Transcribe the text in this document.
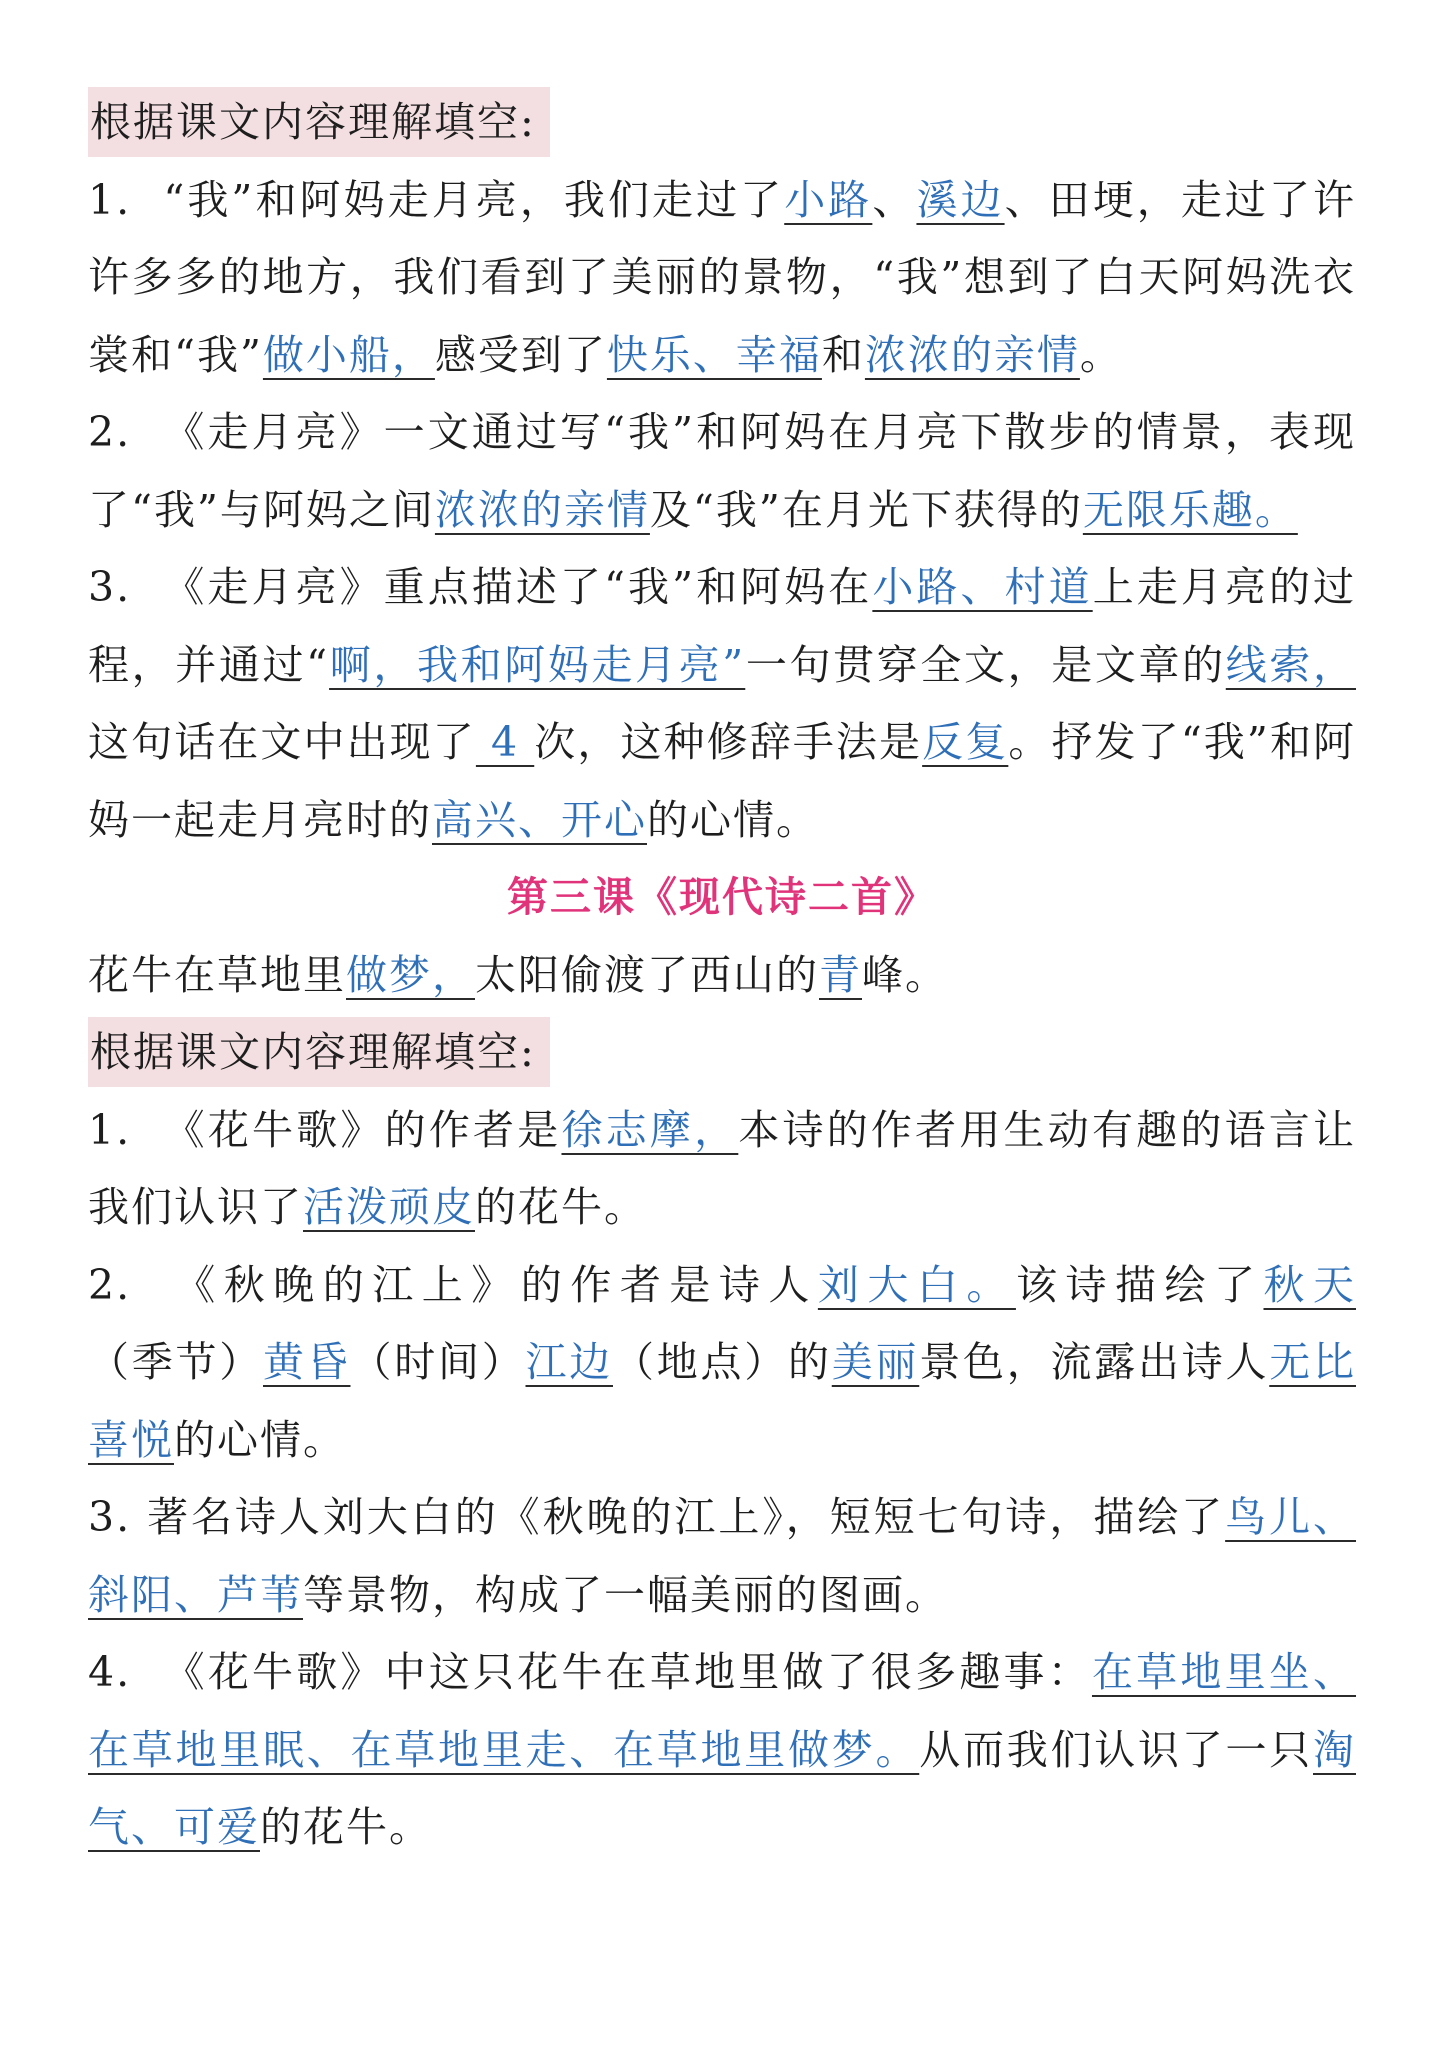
根据课文内容理解填空:
1. “我”和阿妈走月亮，我们走过了小路、溪边、田埂，走过了许许多多的地方，我们看到了美丽的景物，“我”想到了白天阿妈洗衣裳和“我”做小船，感受到了快乐、幸福和浓浓的亲情。
2. 《走月亮》一文通过写“我”和阿妈在月亮下散步的情景，表现了“我”与阿妈之间浓浓的亲情及“我”在月光下获得的无限乐趣。
3. 《走月亮》重点描述了“我”和阿妈在小路、村道上走月亮的过程，并通过“啊，我和阿妈走月亮”一句贯穿全文，是文章的线索，这句话在文中出现了 4 次，这种修辞手法是反复。抒发了“我”和阿妈一起走月亮时的高兴、开心的心情。
第三课《现代诗二首》
花牛在草地里做梦，太阳偷渡了西山的青峰。
根据课文内容理解填空:
1. 《花牛歌》的作者是徐志摩，本诗的作者用生动有趣的语言让我们认识了活泼顽皮的花牛。
2. 《秋晚的江上》的作者是诗人刘大白。该诗描绘了秋天（季节）黄昏（时间）江边（地点）的美丽景色，流露出诗人无比喜悦的心情。
3. 著名诗人刘大白的《秋晚的江上》，短短七句诗，描绘了鸟儿、斜阳、芦苇等景物，构成了一幅美丽的图画。
4. 《花牛歌》中这只花牛在草地里做了很多趣事：在草地里坐、在草地里眠、在草地里走、在草地里做梦。从而我们认识了一只淘气、可爱的花牛。
